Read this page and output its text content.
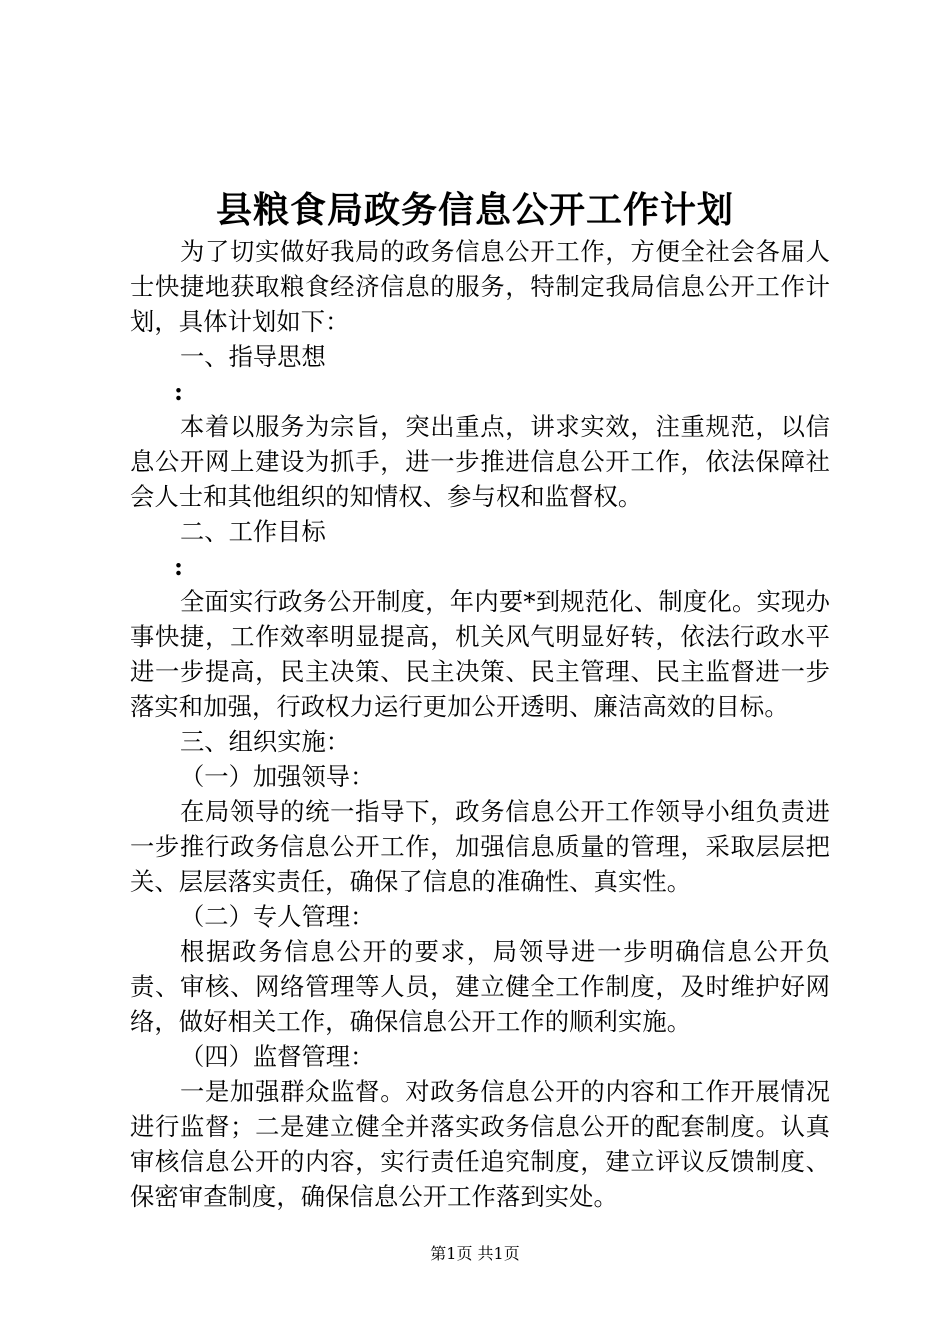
县粮食局政务信息公开工作计划

为了切实做好我局的政务信息公开工作，方便全社会各届人士快捷地获取粮食经济信息的服务，特制定我局信息公开工作计划，具体计划如下：

一、指导思想

:

本着以服务为宗旨，突出重点，讲求实效，注重规范，以信息公开网上建设为抓手，进一步推进信息公开工作，依法保障社会人士和其他组织的知情权、参与权和监督权。

二、工作目标

:

全面实行政务公开制度，年内要*到规范化、制度化。实现办事快捷，工作效率明显提高，机关风气明显好转，依法行政水平进一步提高，民主决策、民主决策、民主管理、民主监督进一步落实和加强，行政权力运行更加公开透明、廉洁高效的目标。

三、组织实施：

（一）加强领导：

在局领导的统一指导下，政务信息公开工作领导小组负责进一步推行政务信息公开工作，加强信息质量的管理，采取层层把关、层层落实责任，确保了信息的准确性、真实性。

（二）专人管理：

根据政务信息公开的要求，局领导进一步明确信息公开负责、审核、网络管理等人员，建立健全工作制度，及时维护好网络，做好相关工作，确保信息公开工作的顺利实施。

（四）监督管理：

一是加强群众监督。对政务信息公开的内容和工作开展情况进行监督；二是建立健全并落实政务信息公开的配套制度。认真审核信息公开的内容，实行责任追究制度，建立评议反馈制度、保密审查制度，确保信息公开工作落到实处。

第1页 共1页
